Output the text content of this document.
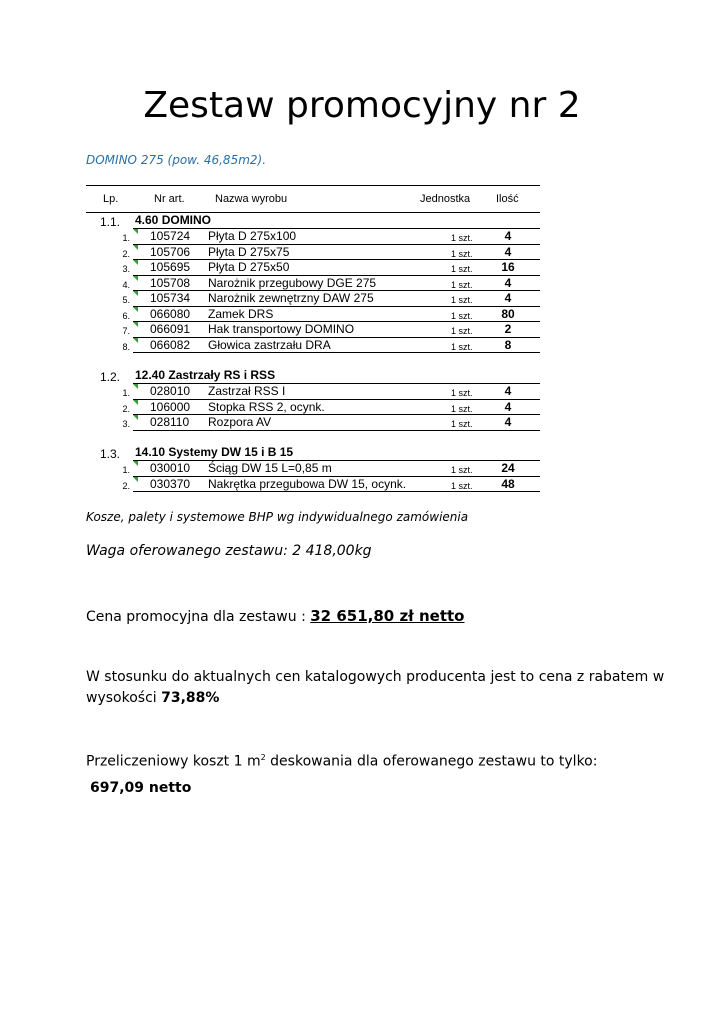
Zestaw promocyjny nr 2
DOMINO 275 (pow. 46,85m2).
Lp.	Nr art.	Nazwa wyrobu	Jednostka Ilość
1.1. 4.60 DOMINO
1. 105724 Płyta D 275x100	1 szt.	4
2. 105706 Płyta D 275x75	1 szt.	4
3. 105695 Płyta D 275x50	1 szt.	16
4. 105708 Narożnik przegubowy DGE 275	1 szt.	4
5. 105734 Narożnik zewnętrzny DAW 275	1 szt.	4
6. 066080 Zamek DRS	1 szt.	80
7. 066091 Hak transportowy DOMINO	1 szt.	2
8. 066082 Głowica zastrzału DRA	1 szt.	8
1.2. 12.40 Zastrzały RS i RSS
1. 028010 Zastrzał RSS I	1 szt.	4
2. 106000 Stopka RSS 2, ocynk.	1 szt.	4
3. 028110 Rozpora AV	1 szt.	4
1.3. 14.10 Systemy DW 15 i B 15
1. 030010 Ściąg DW 15 L=0,85 m	1 szt.	24
2. 030370 Nakrętka przegubowa DW 15, ocynk.	1 szt.	48
Kosze, palety i systemowe BHP wg indywidualnego zamówienia
Waga oferowanego zestawu: 2 418,00kg
Cena promocyjna dla zestawu : 32 651,80 zł netto
W stosunku do aktualnych cen katalogowych producenta jest to cena z rabatem w
wysokości 73,88%
Przeliczeniowy koszt 1 $m^2$ deskowania dla oferowanego zestawu to tylko:
697,09 netto
